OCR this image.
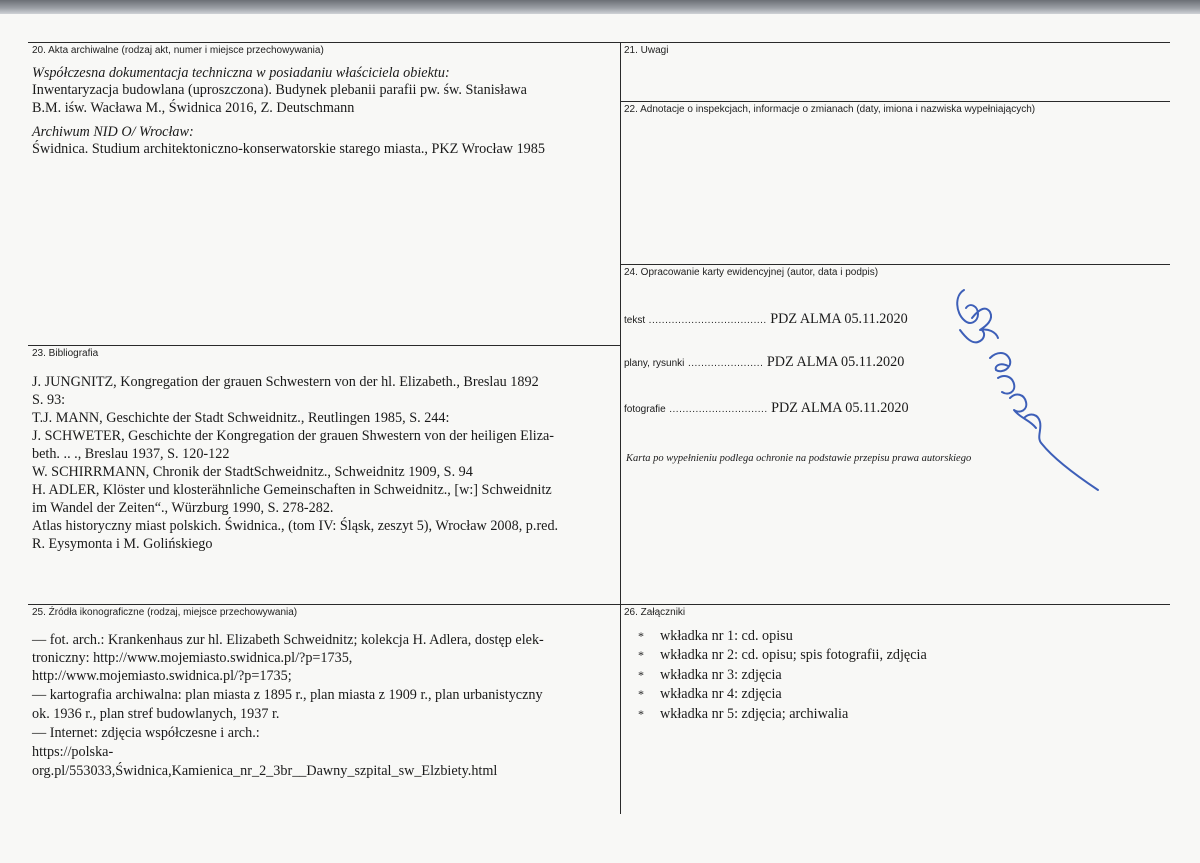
20. Akta archiwalne (rodzaj akt, numer i miejsce przechowywania)
Współczesna dokumentacja techniczna w posiadaniu właściciela obiektu:
Inwentaryzacja budowlana (uproszczona). Budynek plebanii parafii pw. św. Stanisława
B.M. iśw. Wacława M., Świdnica 2016, Z. Deutschmann
Archiwum NID O/ Wrocław:
Świdnica. Studium architektoniczno-konserwatorskie starego miasta., PKZ Wrocław 1985
21. Uwagi
22. Adnotacje o inspekcjach, informacje o zmianach (daty, imiona i nazwiska wypełniających)
24. Opracowanie karty ewidencyjnej (autor, data i podpis)
tekst .................................... PDZ ALMA 05.11.2020
plany, rysunki ....................... PDZ ALMA 05.11.2020
fotografie .............................. PDZ ALMA 05.11.2020
Karta po wypełnieniu podlega ochronie na podstawie przepisu prawa autorskiego
23. Bibliografia
J. JUNGNITZ, Kongregation der grauen Schwestern von der hl. Elizabeth., Breslau 1892
S. 93:
T.J. MANN, Geschichte der Stadt Schweidnitz., Reutlingen 1985, S. 244:
J. SCHWETER, Geschichte der Kongregation der grauen Shwestern von der heiligen Eliza-
beth. .. ., Breslau 1937, S. 120-122
W. SCHIRRMANN, Chronik der StadtSchweidnitz., Schweidnitz 1909, S. 94
H. ADLER, Klöster und klosterähnliche Gemeinschaften in Schweidnitz., [w:] Schweidnitz
im Wandel der Zeiten“., Würzburg 1990, S. 278-282.
Atlas historyczny miast polskich. Świdnica., (tom IV: Śląsk, zeszyt 5), Wrocław 2008, p.red.
R. Eysymonta i M. Golińskiego
25. Źródła ikonograficzne (rodzaj, miejsce przechowywania)
— fot. arch.: Krankenhaus zur hl. Elizabeth Schweidnitz; kolekcja H. Adlera, dostęp elek-
troniczny: http://www.mojemiasto.swidnica.pl/?p=1735,
http://www.mojemiasto.swidnica.pl/?p=1735;
— kartografia archiwalna: plan miasta z 1895 r., plan miasta z 1909 r., plan urbanistyczny
ok. 1936 r., plan stref budowlanych, 1937 r.
— Internet: zdjęcia współczesne i arch.:
https://polska-
org.pl/553033,Świdnica,Kamienica_nr_2_3br__Dawny_szpital_sw_Elzbiety.html
26. Załączniki
* wkładka nr 1: cd. opisu
* wkładka nr 2: cd. opisu; spis fotografii, zdjęcia
* wkładka nr 3: zdjęcia
* wkładka nr 4: zdjęcia
* wkładka nr 5: zdjęcia; archiwalia
